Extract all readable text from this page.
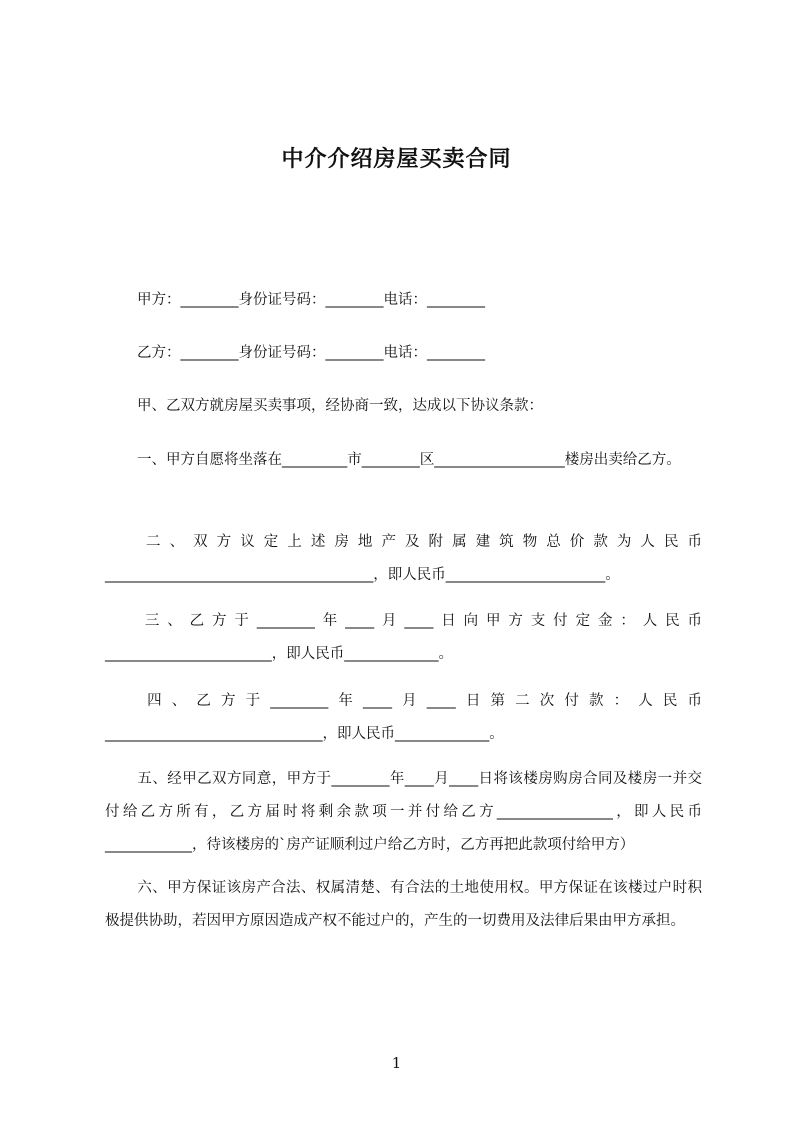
中介介绍房屋买卖合同
甲方：________身份证号码：________电话：________
乙方：________身份证号码：________电话：________
甲、乙双方就房屋买卖事项，经协商一致，达成以下协议条款：
一、甲方自愿将坐落在_________市________区__________________楼房出卖给乙方。
二、双方议定上述房地产及附属建筑物总价款为人民币_____________________________________，即人民币______________________。
三、乙方于________年____月____日向甲方支付定金：人民币_______________________，即人民币_____________。
四、乙方于________年____月____日第二次付款：人民币______________________________，即人民币_____________。
五、经甲乙双方同意，甲方于________年____月____日将该楼房购房合同及楼房一并交付给乙方所有，乙方届时将剩余款项一并付给乙方________________，即人民币____________，待该楼房的`房产证顺利过户给乙方时，乙方再把此款项付给甲方）
六、甲方保证该房产合法、权属清楚、有合法的土地使用权。甲方保证在该楼过户时积极提供协助，若因甲方原因造成产权不能过户的，产生的一切费用及法律后果由甲方承担。
1
